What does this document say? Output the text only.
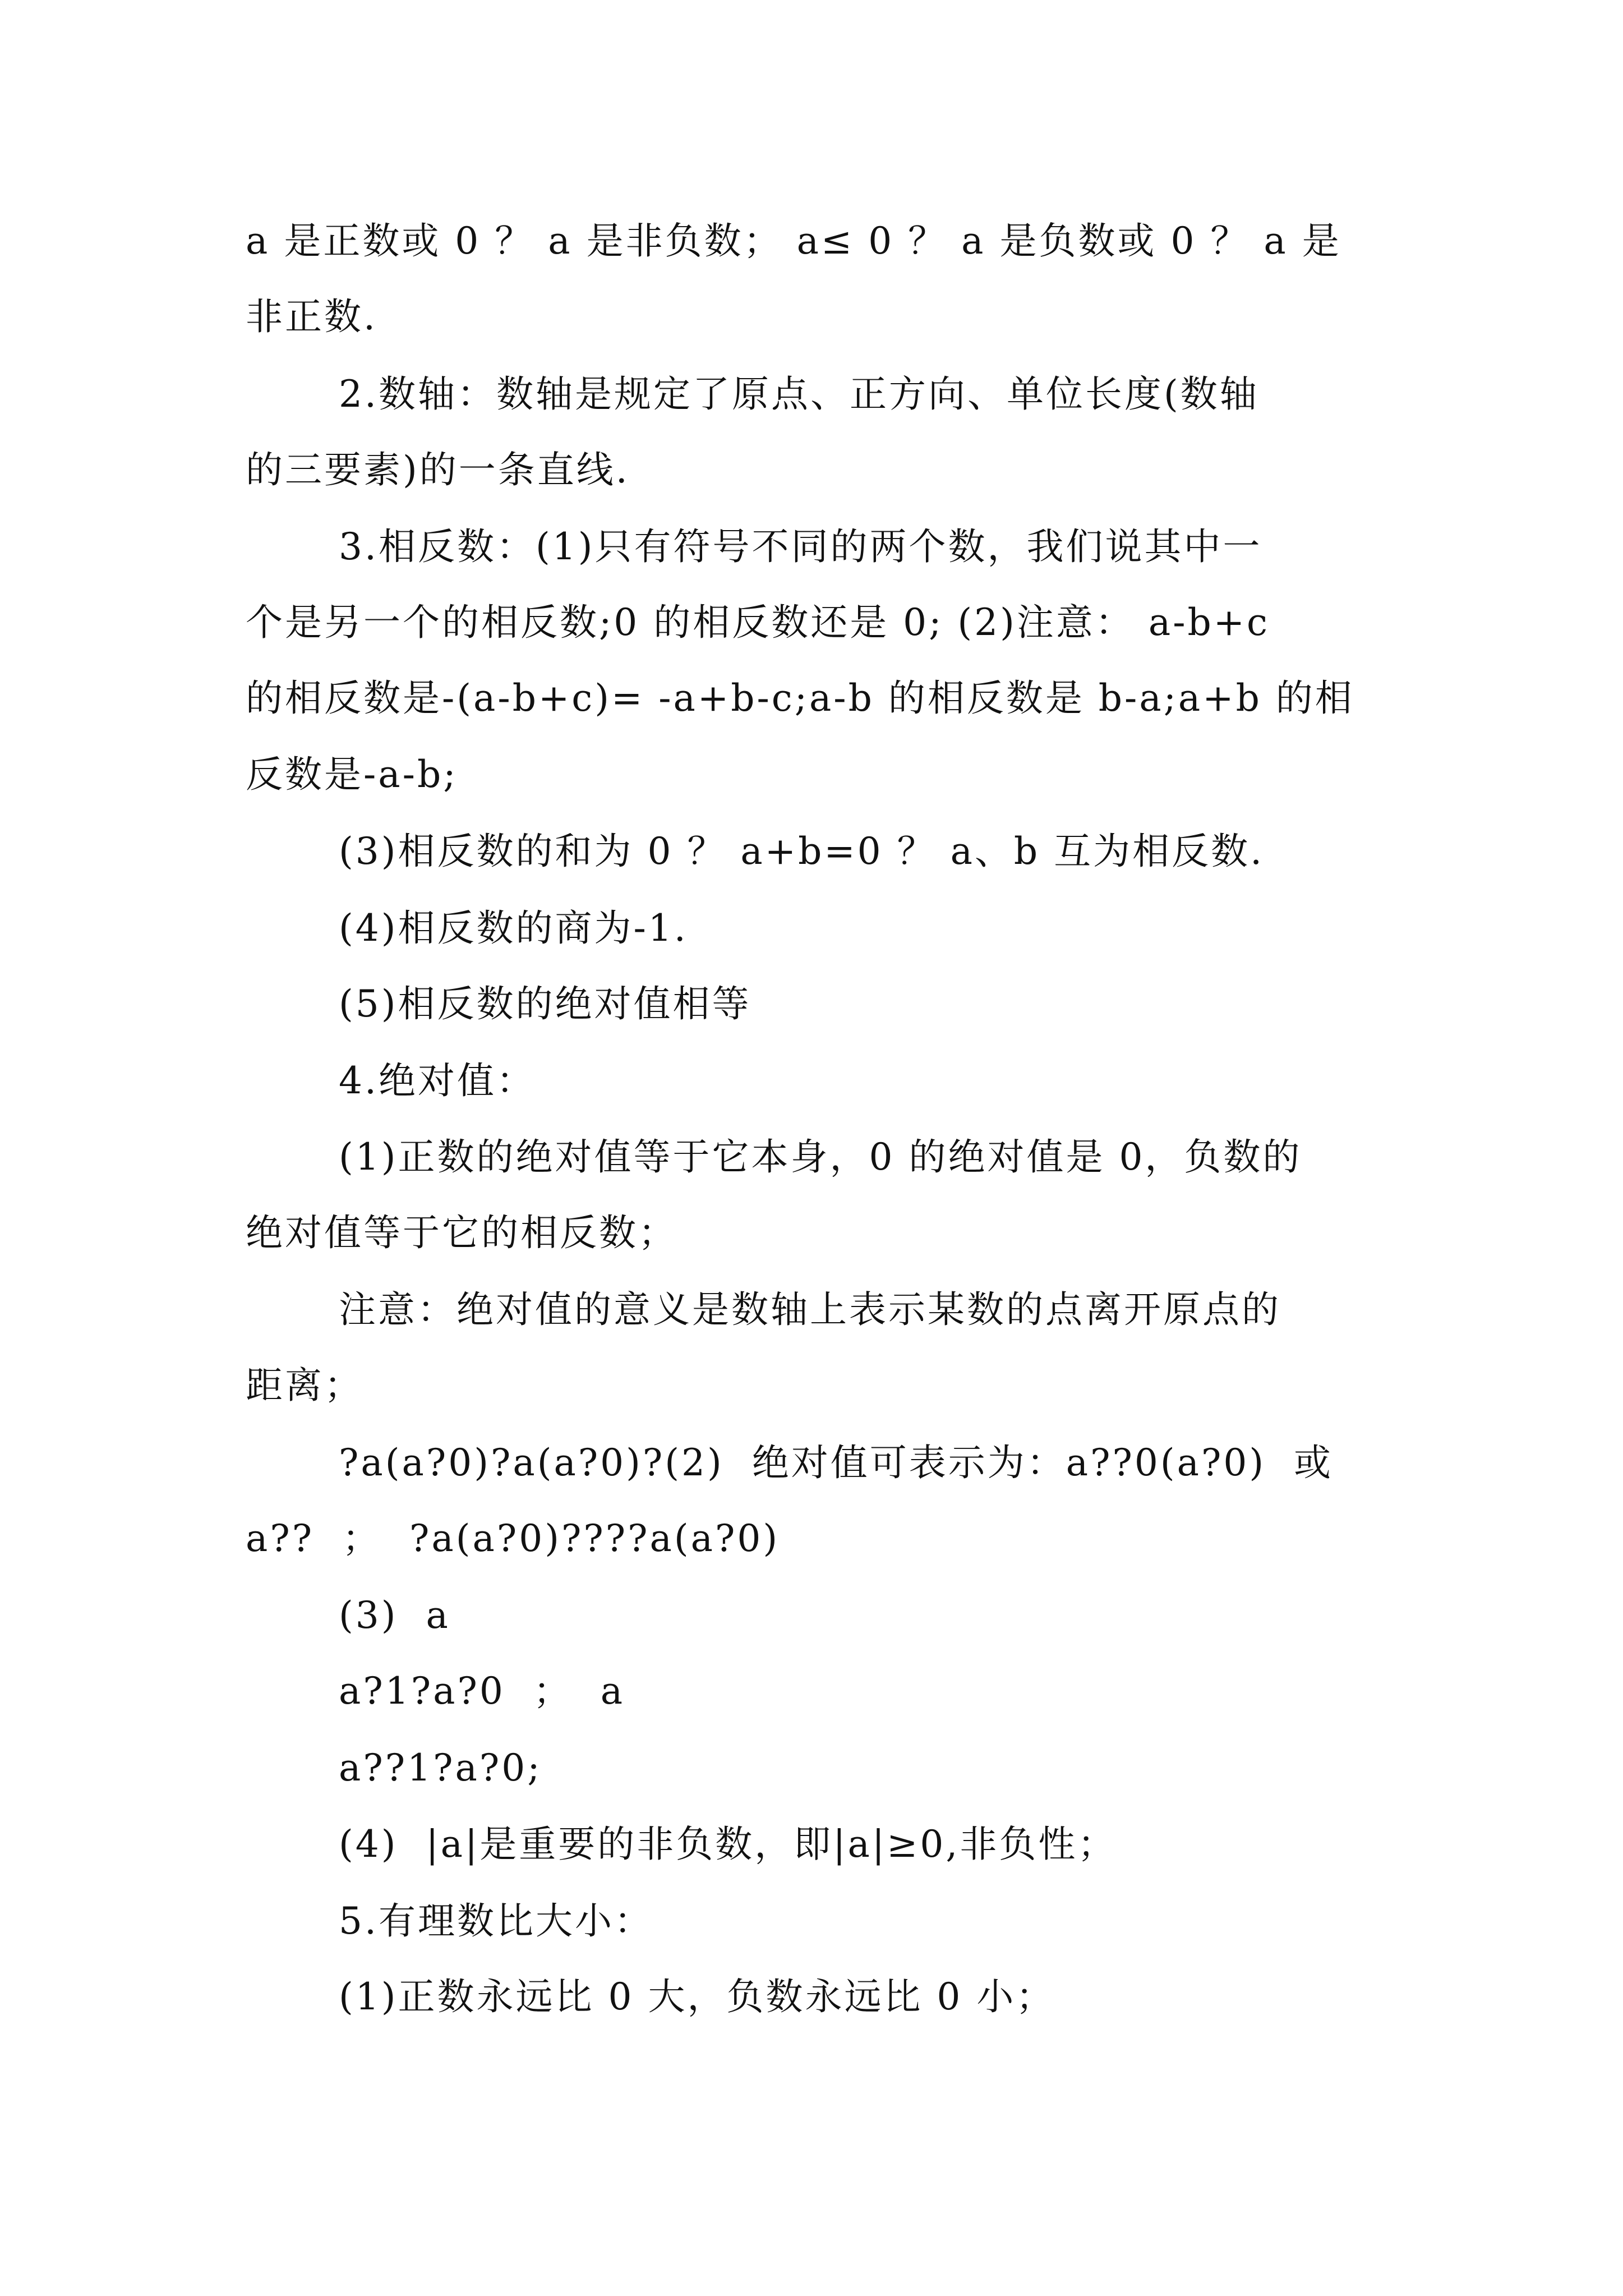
a 是正数或 0 ？ a 是非负数； a≤ 0 ？ a 是负数或 0 ？ a 是
非正数.
2.数轴：数轴是规定了原点、正方向、单位长度(数轴
的三要素)的一条直线.
3.相反数：(1)只有符号不同的两个数，我们说其中一
个是另一个的相反数;0 的相反数还是 0; (2)注意： a-b+c
的相反数是-(a-b+c)= -a+b-c;a-b 的相反数是 b-a;a+b 的相
反数是-a-b;
(3)相反数的和为 0 ？ a+b=0 ？ a、b 互为相反数.
(4)相反数的商为-1.
(5)相反数的绝对值相等
4.绝对值：
(1)正数的绝对值等于它本身，0 的绝对值是 0，负数的
绝对值等于它的相反数；
注意：绝对值的意义是数轴上表示某数的点离开原点的
距离；
?a(a?0)?a(a?0)?(2)  绝对值可表示为：a??0(a?0)  或
a??  ；  ?a(a?0)????a(a?0)
(3)  a
a?1?a?0  ；  a
a??1?a?0;
(4)  |a|是重要的非负数，即|a|≥0,非负性；
5.有理数比大小：
(1)正数永远比 0 大，负数永远比 0 小；
